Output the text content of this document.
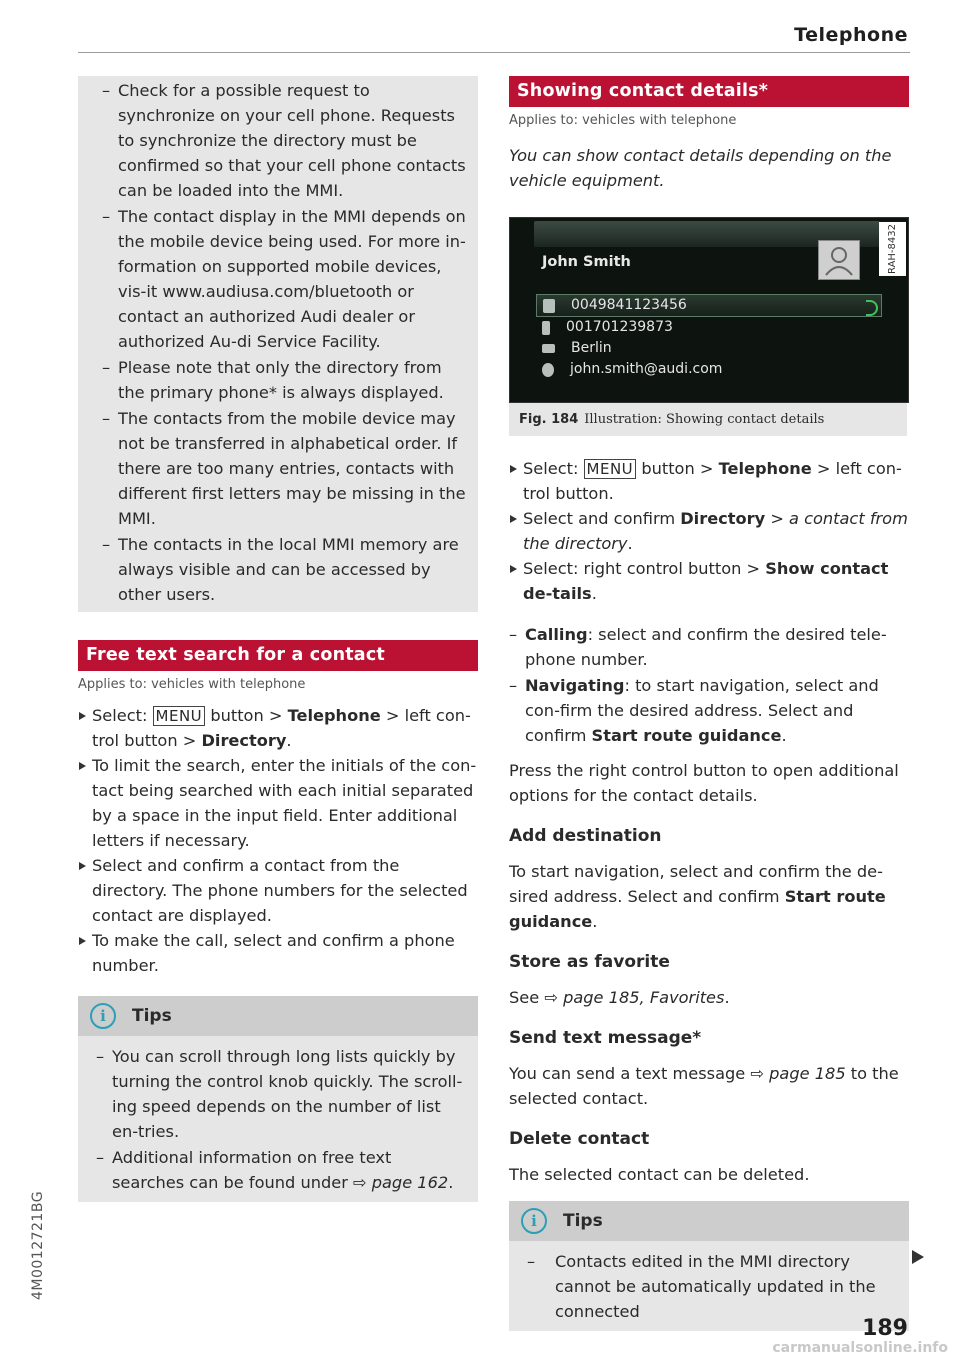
Telephone
4M0012721BG
– Check for a possible request to synchronize on your cell phone. Requests to synchronize the directory must be confirmed so that your cell phone contacts can be loaded into the MMI.
– The contact display in the MMI depends on the mobile device being used. For more in-formation on supported mobile devices, vis-it www.audiusa.com/bluetooth or contact an authorized Audi dealer or authorized Au-di Service Facility.
– Please note that only the directory from the primary phone* is always displayed.
– The contacts from the mobile device may not be transferred in alphabetical order. If there are too many entries, contacts with different first letters may be missing in the MMI.
– The contacts in the local MMI memory are always visible and can be accessed by other users.
Free text search for a contact

Applies to: vehicles with telephone

Select: MENU button > Telephone > left con-trol button > Directory.
To limit the search, enter the initials of the con-tact being searched with each initial separated by a space in the input field. Enter additional letters if necessary.
Select and confirm a contact from the directory. The phone numbers for the selected contact are displayed.
To make the call, select and confirm a phone number.
i	Tips
– You can scroll through long lists quickly by turning the control knob quickly. The scroll-ing speed depends on the number of list en-tries.
– Additional information on free text searches can be found under ⇨ page 162.
Showing contact details*

Applies to: vehicles with telephone

You can show contact details depending on the vehicle equipment.

John Smith	RAH-8432
0049841123456
001701239873
Berlin
john.smith@audi.com

Fig. 184 Illustration: Showing contact details

Select: MENU button > Telephone > left con-trol button.
Select and confirm Directory > a contact from the directory.
Select: right control button > Show contact de-tails.
– Calling: select and confirm the desired tele-phone number.
– Navigating: to start navigation, select and con-firm the desired address. Select and confirm Start route guidance.

Press the right control button to open additional options for the contact details.

Add destination

To start navigation, select and confirm the de-sired address. Select and confirm Start route guidance.

Store as favorite

See ⇨ page 185, Favorites.

Send text message*

You can send a text message ⇨ page 185 to the selected contact.

Delete contact

The selected contact can be deleted.

i	Tips
– Contacts edited in the MMI directory cannot be automatically updated in the connected
189
carmanualsonline.info
